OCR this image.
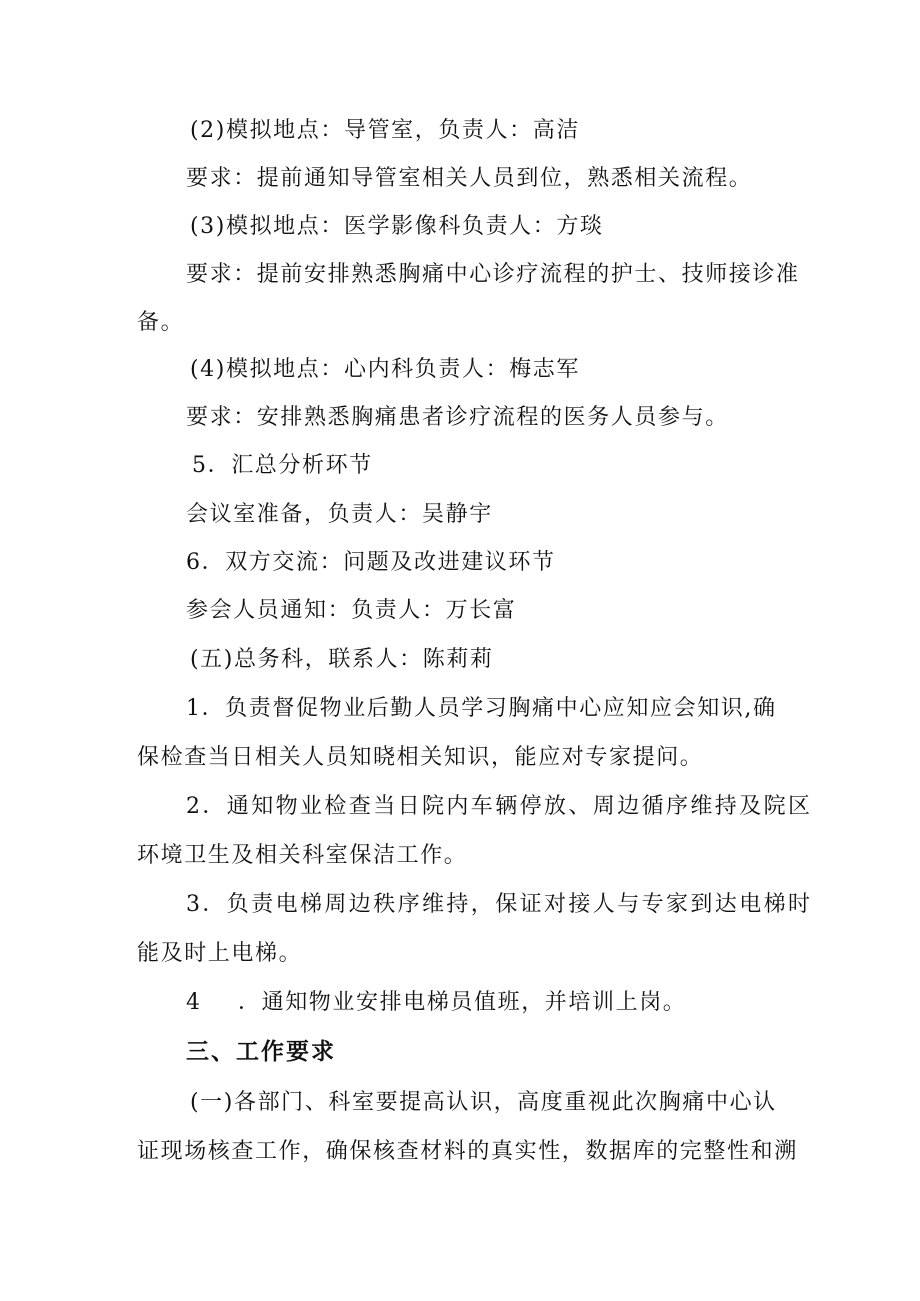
(2)模拟地点：导管室，负责人：高洁
要求：提前通知导管室相关人员到位，熟悉相关流程。
(3)模拟地点：医学影像科负责人：方琰
要求：提前安排熟悉胸痛中心诊疗流程的护士、技师接诊准
备。
(4)模拟地点：心内科负责人：梅志军
要求：安排熟悉胸痛患者诊疗流程的医务人员参与。
5．汇总分析环节
会议室准备，负责人：吴静宇
6．双方交流：问题及改进建议环节
参会人员通知：负责人：万长富
(五)总务科，联系人：陈莉莉
1．负责督促物业后勤人员学习胸痛中心应知应会知识,确
保检查当日相关人员知晓相关知识，能应对专家提问。
2．通知物业检查当日院内车辆停放、周边循序维持及院区
环境卫生及相关科室保洁工作。
3．负责电梯周边秩序维持，保证对接人与专家到达电梯时
能及时上电梯。
4 ．通知物业安排电梯员值班，并培训上岗。
三、工作要求
(一)各部门、科室要提高认识，高度重视此次胸痛中心认
证现场核查工作，确保核查材料的真实性，数据库的完整性和溯
